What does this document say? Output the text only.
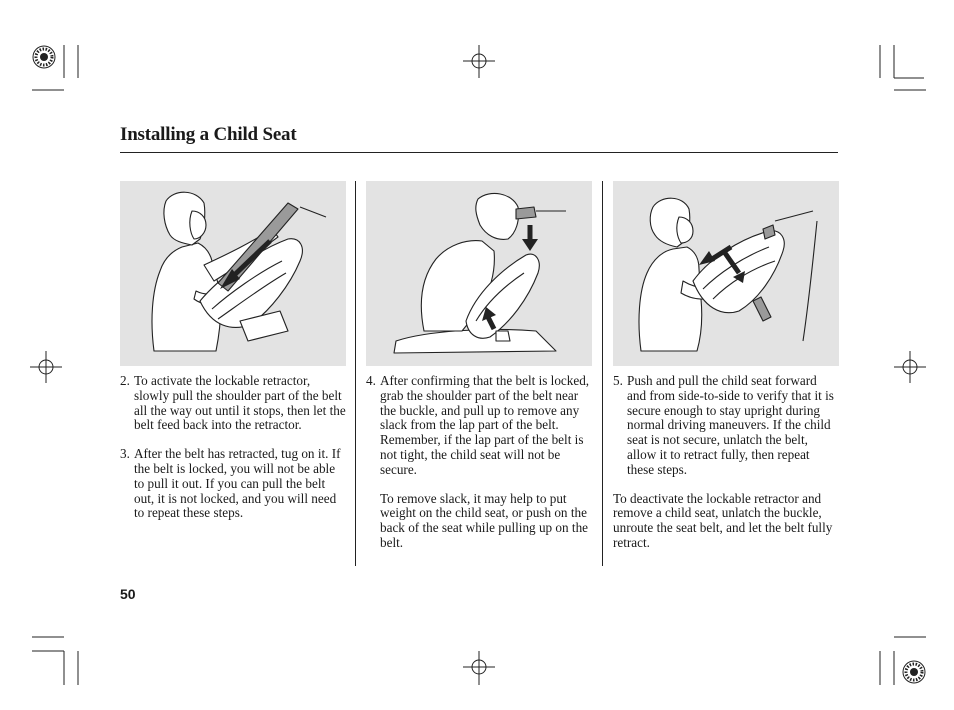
Installing a Child Seat
2. To activate the lockable retractor, slowly pull the shoulder part of the belt all the way out until it stops, then let the belt feed back into the retractor.
3. After the belt has retracted, tug on it. If the belt is locked, you will not be able to pull it out. If you can pull the belt out, it is not locked, and you will need to repeat these steps.
4. After confirming that the belt is locked, grab the shoulder part of the belt near the buckle, and pull up to remove any slack from the lap part of the belt. Remember, if the lap part of the belt is not tight, the child seat will not be secure.
To remove slack, it may help to put weight on the child seat, or push on the back of the seat while pulling up on the belt.
5. Push and pull the child seat forward and from side-to-side to verify that it is secure enough to stay upright during normal driving maneuvers. If the child seat is not secure, unlatch the belt, allow it to retract fully, then repeat these steps.
To deactivate the lockable retractor and remove a child seat, unlatch the buckle, unroute the seat belt, and let the belt fully retract.
50
